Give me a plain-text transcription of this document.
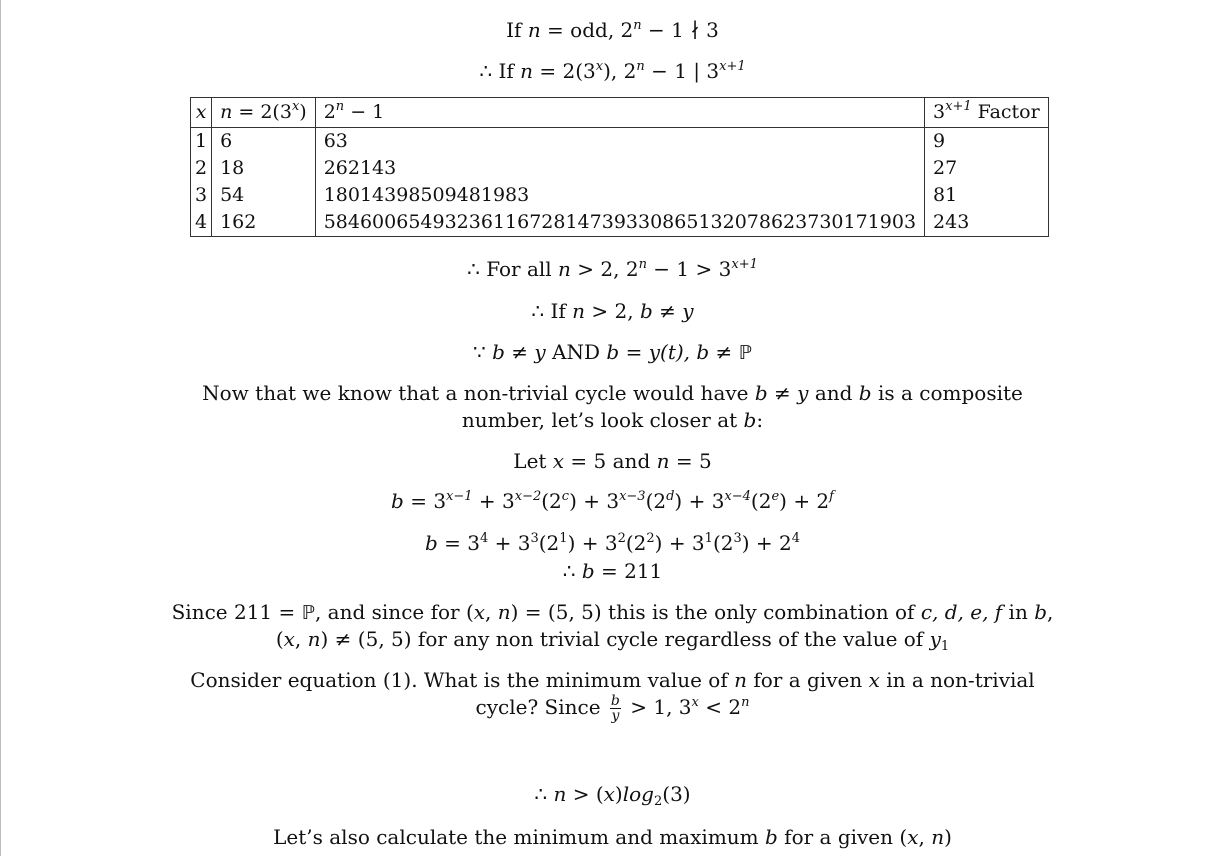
If n = odd, $2^n - 1$ ∤ 3
∴ If $n = 2(3^x)$, $2^n - 1$ | $3^{x+1}$
x	$n = 2(3^x)$	$2^n - 1$	$3^{x+1}$ Factor
1	6	63	9
2	18	262143	27
3	54	18014398509481983	81
4	162	5846006549323611672814739330865132078623730171903	243
∴ For all n > 2, $2^n - 1 > 3^{x+1}$
∴ If n > 2, b ≠ y
∵ b ≠ y AND b = y(t), b ≠ ℙ
Now that we know that a non-trivial cycle would have b ≠ y and b is a composite
number, let’s look closer at b:
Let x = 5 and n = 5
$b = 3^{x-1} + 3^{x-2}(2^c) + 3^{x-3}(2^d) + 3^{x-4}(2^e) + 2^f$
$b = 3^4 + 3^3(2^1) + 3^2(2^2) + 3^1(2^3) + 2^4$
∴ b = 211
Since 211 = ℙ, and since for (x, n) = (5, 5) this is the only combination of c, d, e, f in b,
(x, n) ≠ (5, 5) for any non trivial cycle regardless of the value of $y_1$
Consider equation (1). What is the minimum value of n for a given x in a non-trivial
cycle? Since $\frac{b}{y} > 1$, $3^x < 2^n$
∴ $n > (x)\log_2(3)$
Let’s also calculate the minimum and maximum b for a given (x, n)
